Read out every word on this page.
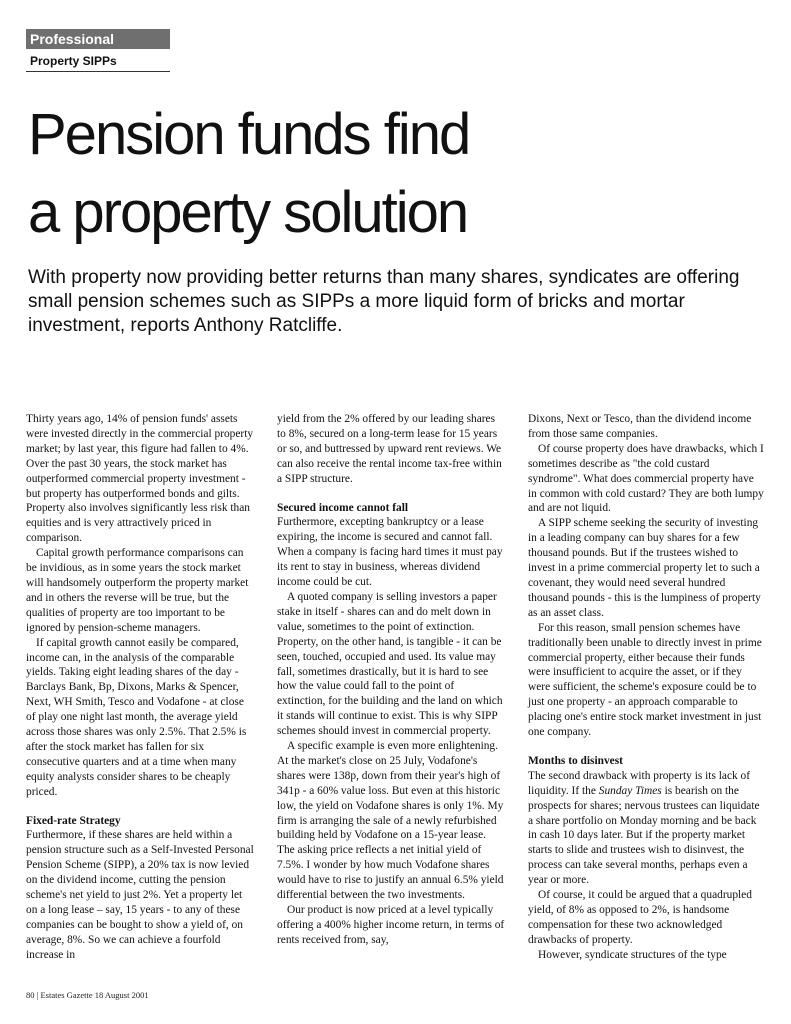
Professional
Property SIPPs
Pension funds find
a property solution

With property now providing better returns than many shares, syndicates are offering small pension schemes such as SIPPs a more liquid form of bricks and mortar investment, reports Anthony Ratcliffe.

Thirty years ago, 14% of pension funds' assets were invested directly in the commercial property market; by last year, this figure had fallen to 4%. Over the past 30 years, the stock market has outperformed commercial property investment - but property has outperformed bonds and gilts. Property also involves significantly less risk than equities and is very attractively priced in comparison.

Capital growth performance comparisons can be invidious, as in some years the stock market will handsomely outperform the property market and in others the reverse will be true, but the qualities of property are too important to be ignored by pension-scheme managers.

If capital growth cannot easily be compared, income can, in the analysis of the comparable yields. Taking eight leading shares of the day - Barclays Bank, Bp, Dixons, Marks & Spencer, Next, WH Smith, Tesco and Vodafone - at close of play one night last month, the average yield across those shares was only 2.5%. That 2.5% is after the stock market has fallen for six consecutive quarters and at a time when many equity analysts consider shares to be cheaply priced.

Fixed-rate Strategy

Furthermore, if these shares are held within a pension structure such as a Self-Invested Personal Pension Scheme (SIPP), a 20% tax is now levied on the dividend income, cutting the pension scheme's net yield to just 2%. Yet a property let on a long lease – say, 15 years - to any of these companies can be bought to show a yield of, on average, 8%. So we can achieve a fourfold increase in

yield from the 2% offered by our leading shares to 8%, secured on a long-term lease for 15 years or so, and buttressed by upward rent reviews. We can also receive the rental income tax-free within a SIPP structure.

Secured income cannot fall

Furthermore, excepting bankruptcy or a lease expiring, the income is secured and cannot fall. When a company is facing hard times it must pay its rent to stay in business, whereas dividend income could be cut.

A quoted company is selling investors a paper stake in itself - shares can and do melt down in value, sometimes to the point of extinction. Property, on the other hand, is tangible - it can be seen, touched, occupied and used. Its value may fall, sometimes drastically, but it is hard to see how the value could fall to the point of extinction, for the building and the land on which it stands will continue to exist. This is why SIPP schemes should invest in commercial property.

A specific example is even more enlightening. At the market's close on 25 July, Vodafone's shares were 138p, down from their year's high of 341p - a 60% value loss. But even at this historic low, the yield on Vodafone shares is only 1%. My firm is arranging the sale of a newly refurbished building held by Vodafone on a 15-year lease. The asking price reflects a net initial yield of 7.5%. I wonder by how much Vodafone shares would have to rise to justify an annual 6.5% yield differential between the two investments.

Our product is now priced at a level typically offering a 400% higher income return, in terms of rents received from, say,

Dixons, Next or Tesco, than the dividend income from those same companies.

Of course property does have drawbacks, which I sometimes describe as "the cold custard syndrome". What does commercial property have in common with cold custard? They are both lumpy and are not liquid.

A SIPP scheme seeking the security of investing in a leading company can buy shares for a few thousand pounds. But if the trustees wished to invest in a prime commercial property let to such a covenant, they would need several hundred thousand pounds - this is the lumpiness of property as an asset class.

For this reason, small pension schemes have traditionally been unable to directly invest in prime commercial property, either because their funds were insufficient to acquire the asset, or if they were sufficient, the scheme's exposure could be to just one property - an approach comparable to placing one's entire stock market investment in just one company.

Months to disinvest

The second drawback with property is its lack of liquidity. If the Sunday Times is bearish on the prospects for shares; nervous trustees can liquidate a share portfolio on Monday morning and be back in cash 10 days later. But if the property market starts to slide and trustees wish to disinvest, the process can take several months, perhaps even a year or more.

Of course, it could be argued that a quadrupled yield, of 8% as opposed to 2%, is handsome compensation for these two acknowledged drawbacks of property.

However, syndicate structures of the type

80 | Estates Gazette 18 August 2001
